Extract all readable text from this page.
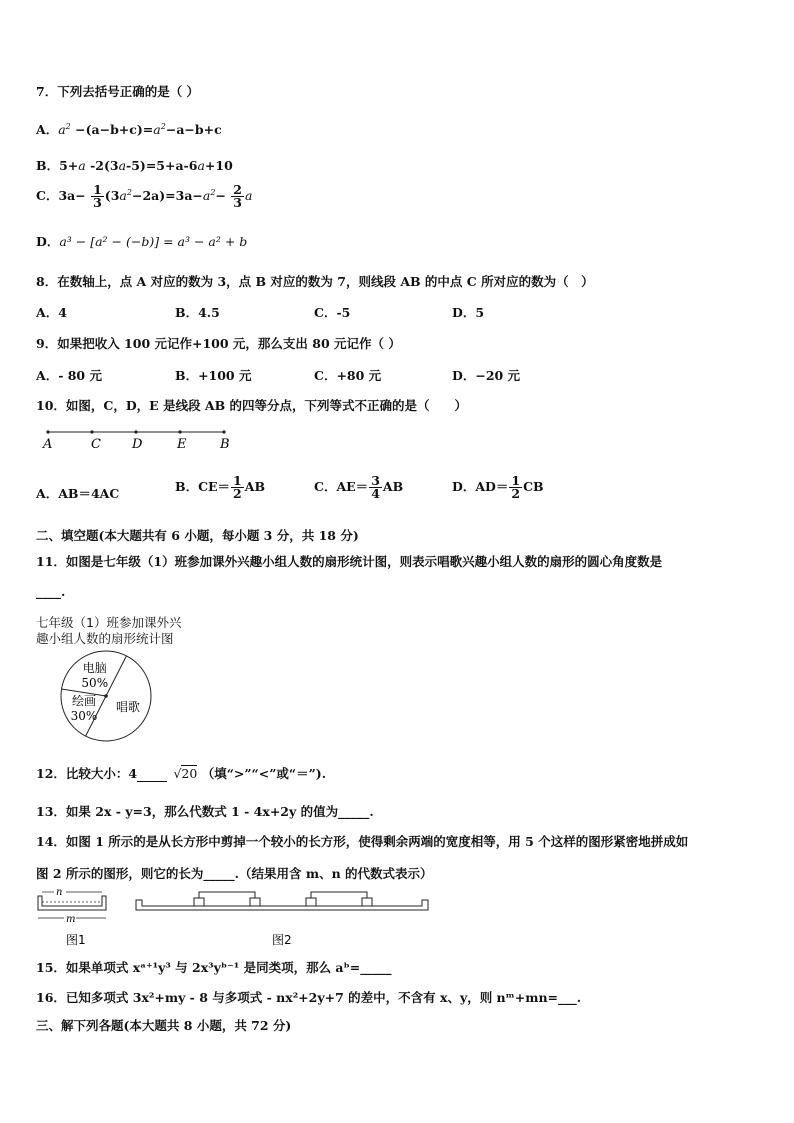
7．下列去括号正确的是（ ）
A．$a^2 -(a-b+c)=a^2-a-b+c$
B．5+a -2(3a-5)=5+a-6a+10
C．$3a- \frac{1}{3} (3a^2-2a)=3a-a^2- \frac{2}{3}$ a
D．a³ − [a² − (−b)] = a³ − a² + b
8．在数轴上，点 A 对应的数为 3，点 B 对应的数为 7，则线段 AB 的中点 C 所对应的数为（　）
A．4	B．4.5	C．-5	D．5
9．如果把收入 100 元记作+100 元，那么支出 80 元记作（ ）
A．- 80 元	B．+100 元	C．+80 元	D．−20 元
10．如图，C，D，E 是线段 AB 的四等分点，下列等式不正确的是（　　）
A	C D	E	B
A．AB＝4AC	B．$CE= \frac{1}{2}$ AB	C．$AE= \frac{3}{4}$ AB	D．$AD= \frac{1}{2}$ CB
二、填空题(本大题共有 6 小题，每小题 3 分，共 18 分)
11．如图是七年级（1）班参加课外兴趣小组人数的扇形统计图，则表示唱歌兴趣小组人数的扇形的圆心角度数是
____.
七年级（1）班参加课外兴
趣小组人数的扇形统计图
电脑
50%
唱歌
绘画
30%
12．比较大小：4	√20 （填“>”“<”或“＝”).
13．如果 2x - y=3，那么代数式 1 - 4x+2y 的值为_____.
14．如图 1 所示的是从长方形中剪掉一个较小的长方形，使得剩余两端的宽度相等，用 5 个这样的图形紧密地拼成如
图 2 所示的图形，则它的长为_____.（结果用含 m、n 的代数式表示）
n
m
图1	图2
15．如果单项式 xᵃ⁺¹y³ 与 2x³yᵇ⁻¹ 是同类项，那么 aᵇ=_____
16．已知多项式 3x²+my - 8 与多项式 - nx²+2y+7 的差中，不含有 x、y，则 nᵐ+mn=___.
三、解下列各题(本大题共 8 小题，共 72 分)
